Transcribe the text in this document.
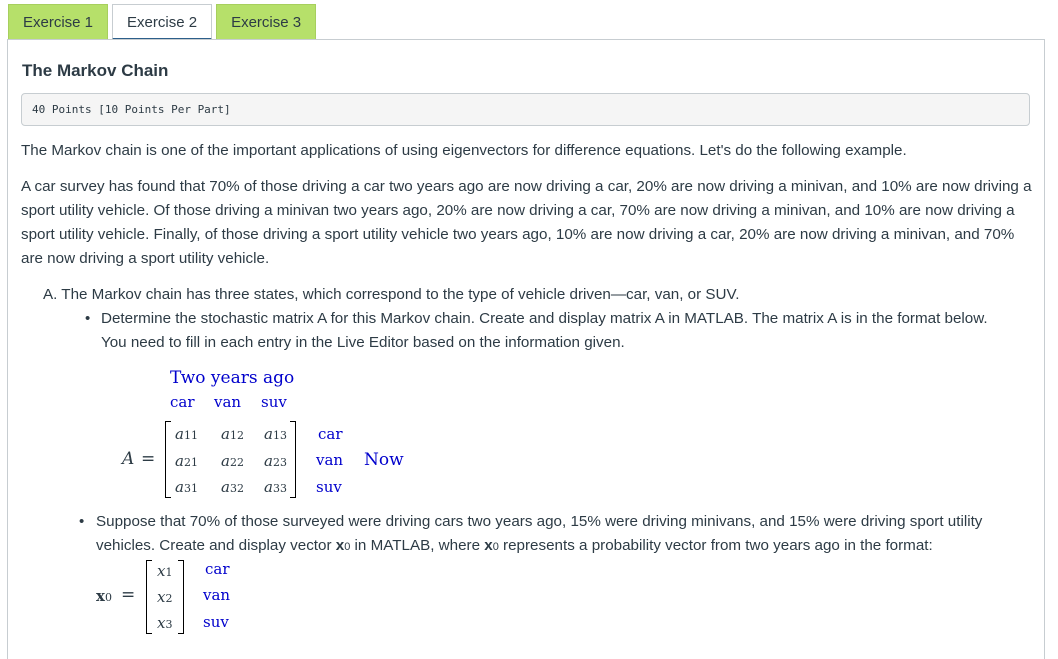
Exercise 1	Exercise 2	Exercise 3
The Markov Chain
40 Points [10 Points Per Part]

The Markov chain is one of the important applications of using eigenvectors for difference equations. Let's do the following example.

A car survey has found that 70% of those driving a car two years ago are now driving a car, 20% are now driving a minivan, and 10% are now driving a sport utility vehicle. Of those driving a minivan two years ago, 20% are now driving a car, 70% are now driving a minivan, and 10% are now driving a sport utility vehicle. Finally, of those driving a sport utility vehicle two years ago, 10% are now driving a car, 20% are now driving a minivan, and 70% are now driving a sport utility vehicle.

A. The Markov chain has three states, which correspond to the type of vehicle driven—car, van, or SUV.
• Determine the stochastic matrix A for this Markov chain. Create and display matrix A in MATLAB. The matrix A is in the format below. You need to fill in each entry in the Live Editor based on the information given.
Two years ago
car van suv
A =
a11 a12 a13
a21 a22 a23
a31 a32 a33
car
van
suv
Now
• Suppose that 70% of those surveyed were driving cars two years ago, 15% were driving minivans, and 15% were driving sport utility vehicles. Create and display vector x0 in MATLAB, where x0 represents a probability vector from two years ago in the format:
x0 =
x1
x2
x3
car
van
suv
